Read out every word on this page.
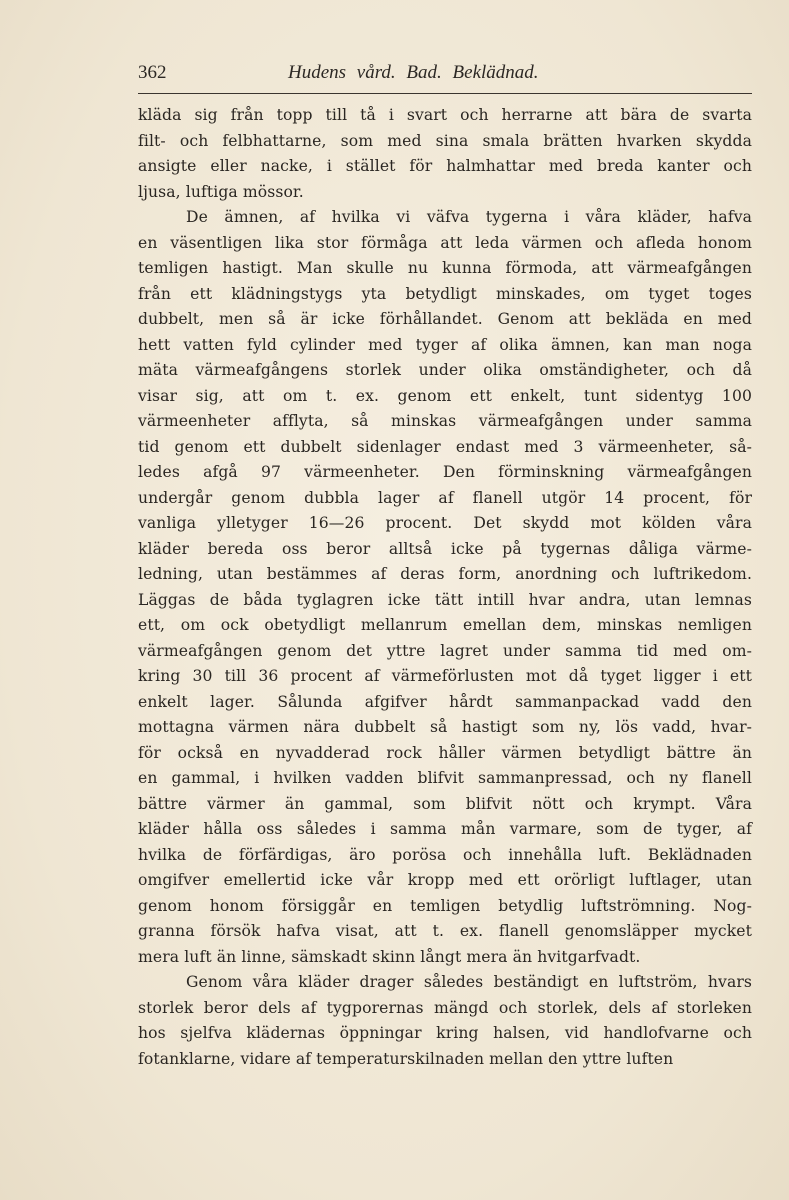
362	Hudens vård. Bad. Beklädnad.
kläda sig från topp till tå i svart och herrarne att bära de svarta
filt- och felbhattarne, som med sina smala brätten hvarken skydda
ansigte eller nacke, i stället för halmhattar med breda kanter och
ljusa, luftiga mössor.
De ämnen, af hvilka vi väfva tygerna i våra kläder, hafva
en väsentligen lika stor förmåga att leda värmen och afleda honom
temligen hastigt. Man skulle nu kunna förmoda, att värmeafgången
från ett klädningstygs yta betydligt minskades, om tyget toges
dubbelt, men så är icke förhållandet. Genom att bekläda en med
hett vatten fyld cylinder med tyger af olika ämnen, kan man noga
mäta värmeafgångens storlek under olika omständigheter, och då
visar sig, att om t. ex. genom ett enkelt, tunt sidentyg 100
värmeenheter afflyta, så minskas värmeafgången under samma
tid genom ett dubbelt sidenlager endast med 3 värmeenheter, så-
ledes afgå 97 värmeenheter. Den förminskning värmeafgången
undergår genom dubbla lager af flanell utgör 14 procent, för
vanliga ylletyger 16—26 procent. Det skydd mot kölden våra
kläder bereda oss beror alltså icke på tygernas dåliga värme-
ledning, utan bestämmes af deras form, anordning och luftrikedom.
Läggas de båda tyglagren icke tätt intill hvar andra, utan lemnas
ett, om ock obetydligt mellanrum emellan dem, minskas nemligen
värmeafgången genom det yttre lagret under samma tid med om-
kring 30 till 36 procent af värmeförlusten mot då tyget ligger i ett
enkelt lager. Sålunda afgifver hårdt sammanpackad vadd den
mottagna värmen nära dubbelt så hastigt som ny, lös vadd, hvar-
för också en nyvadderad rock håller värmen betydligt bättre än
en gammal, i hvilken vadden blifvit sammanpressad, och ny flanell
bättre värmer än gammal, som blifvit nött och krympt. Våra
kläder hålla oss således i samma mån varmare, som de tyger, af
hvilka de förfärdigas, äro porösa och innehålla luft. Beklädnaden
omgifver emellertid icke vår kropp med ett orörligt luftlager, utan
genom honom försiggår en temligen betydlig luftströmning. Nog-
granna försök hafva visat, att t. ex. flanell genomsläpper mycket
mera luft än linne, sämskadt skinn långt mera än hvitgarfvadt.
Genom våra kläder drager således beständigt en luftström, hvars
storlek beror dels af tygporernas mängd och storlek, dels af storleken
hos sjelfva klädernas öppningar kring halsen, vid handlofvarne och
fotanklarne, vidare af temperaturskilnaden mellan den yttre luften
